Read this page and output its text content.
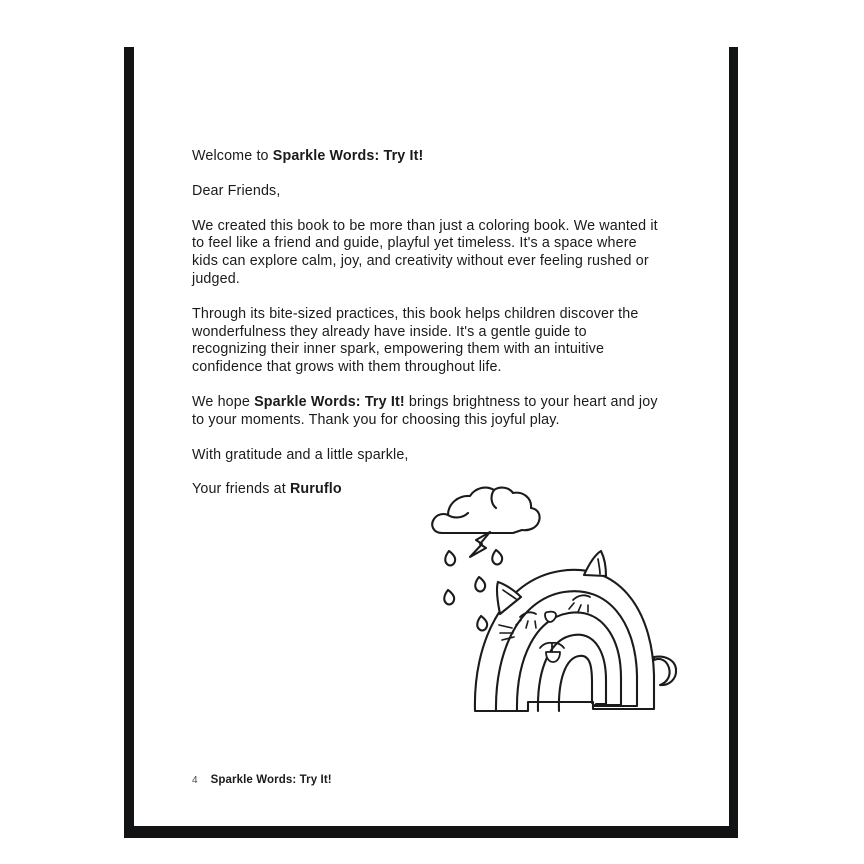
Welcome to Sparkle Words: Try It!

Dear Friends,

We created this book to be more than just a coloring book. We wanted it to feel like a friend and guide, playful yet timeless. It's a space where kids can explore calm, joy, and creativity without ever feeling rushed or judged.

Through its bite-sized practices, this book helps children discover the wonderfulness they already have inside. It's a gentle guide to recognizing their inner spark, empowering them with an intuitive confidence that grows with them throughout life.

We hope Sparkle Words: Try It! brings brightness to your heart and joy to your moments. Thank you for choosing this joyful play.

With gratitude and a little sparkle,

Your friends at Ruruflo

4 Sparkle Words: Try It!
